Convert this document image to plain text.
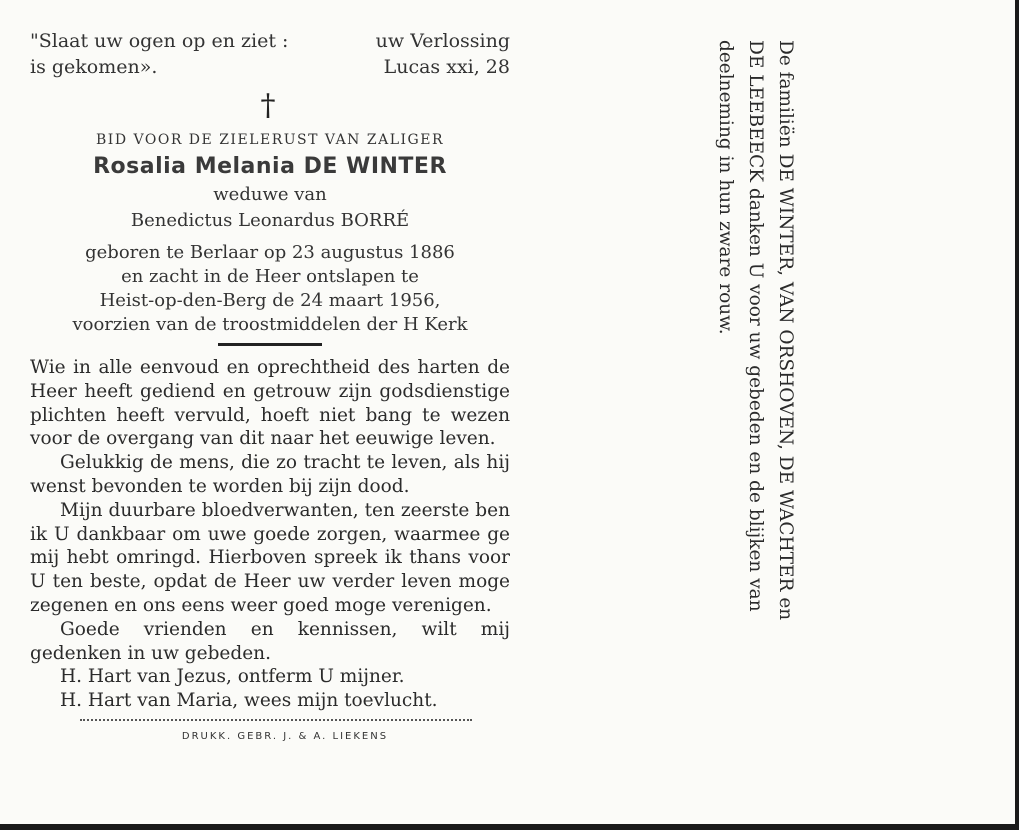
"Slaat uw ogen op en ziet :	uw Verlossing
is gekomen».	Lucas xxi, 28
†
BID VOOR DE ZIELERUST VAN ZALIGER
Rosalia Melania DE WINTER
weduwe van
Benedictus Leonardus BORRÉ
geboren te Berlaar op 23 augustus 1886
en zacht in de Heer ontslapen te
Heist-op-den-Berg de 24 maart 1956,
voorzien van de troostmiddelen der H Kerk

Wie in alle eenvoud en oprechtheid des harten de Heer heeft gediend en getrouw zijn godsdienstige plichten heeft vervuld, hoeft niet bang te wezen voor de overgang van dit naar het eeuwige leven.

Gelukkig de mens, die zo tracht te leven, als hij wenst bevonden te worden bij zijn dood.

Mijn duurbare bloedverwanten, ten zeerste ben ik U dankbaar om uwe goede zorgen, waarmee ge mij hebt omringd. Hierboven spreek ik thans voor U ten beste, opdat de Heer uw verder leven moge zegenen en ons eens weer goed moge verenigen.

Goede vrienden en kennissen, wilt mij gedenken in uw gebeden.

H. Hart van Jezus, ontferm U mijner.

H. Hart van Maria, wees mijn toevlucht.

DRUKK. GEBR. J. & A. LIEKENS
De familiën DE WINTER, VAN ORSHOVEN, DE WACHTER en
DE LEEBEECK danken U voor uw gebeden en de blijken van
deelneming in hun zware rouw.
